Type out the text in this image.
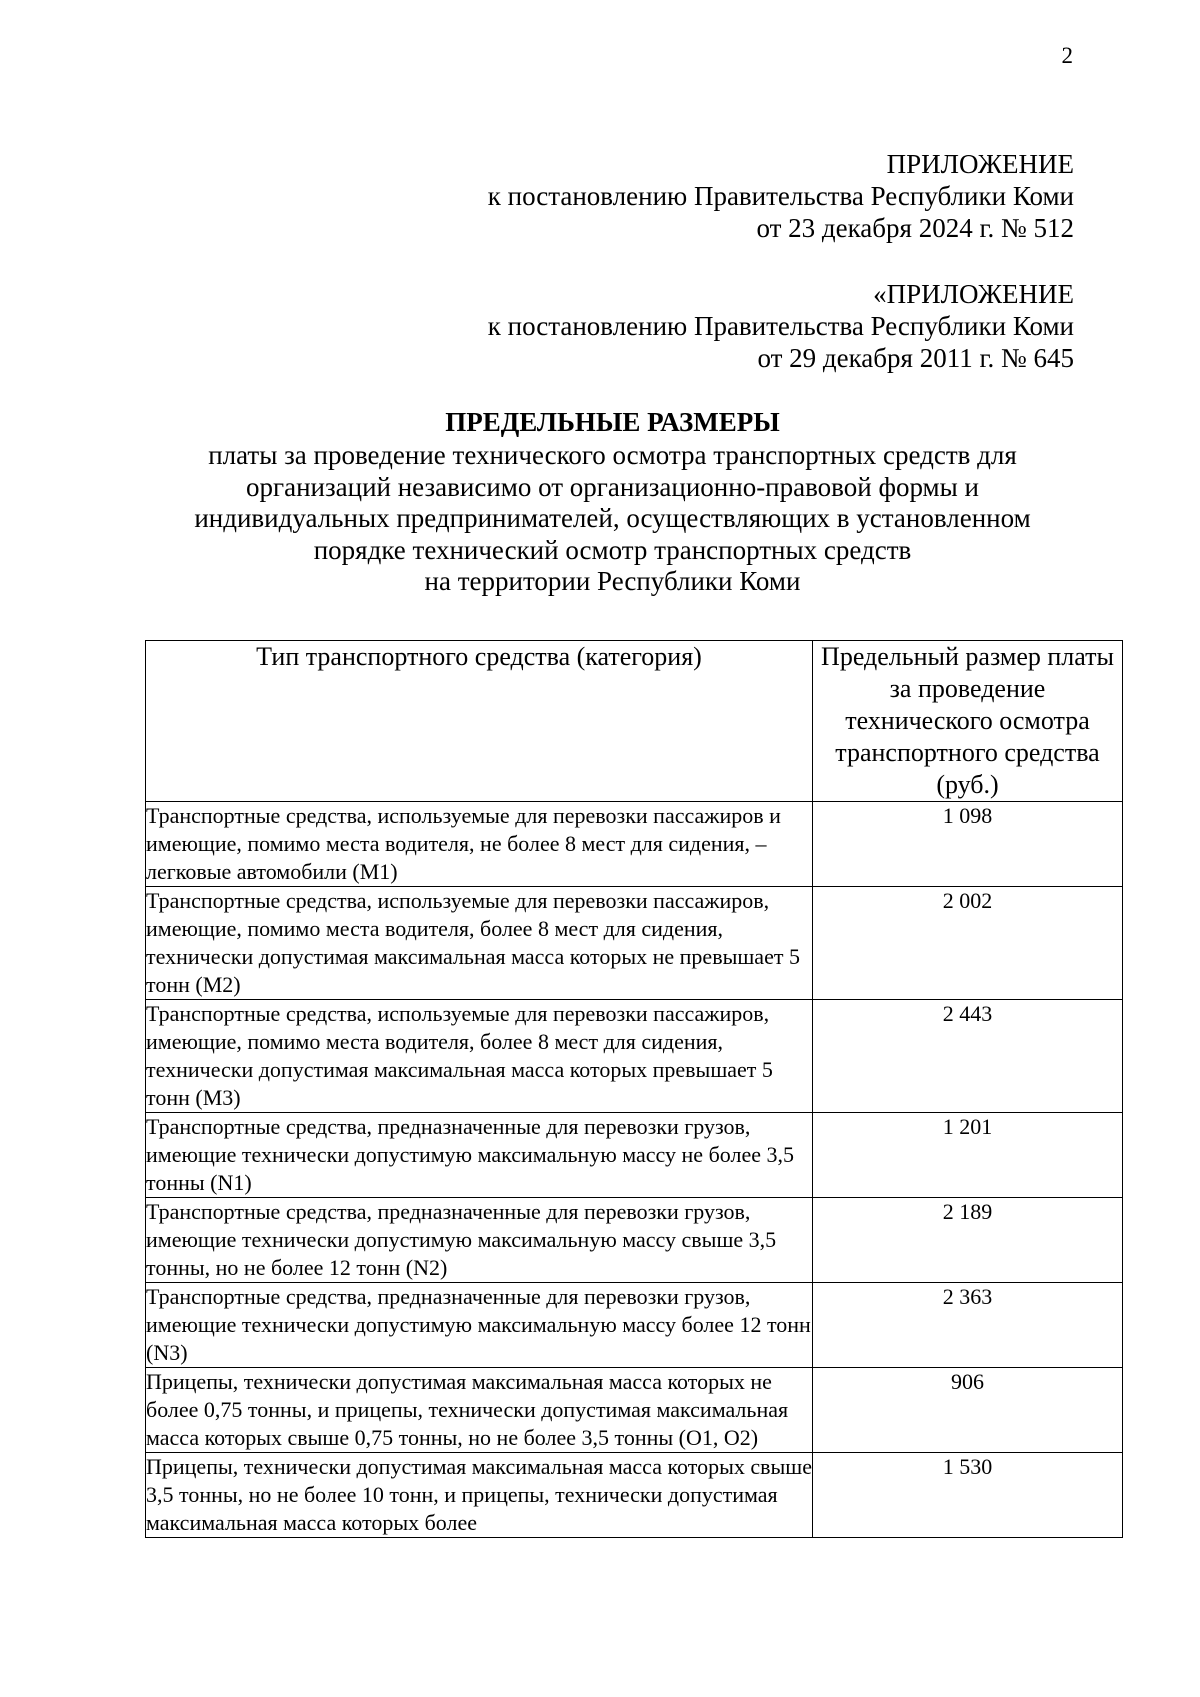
2
ПРИЛОЖЕНИЕ
к постановлению Правительства Республики Коми
от 23 декабря 2024 г. № 512
«ПРИЛОЖЕНИЕ
к постановлению Правительства Республики Коми
от 29 декабря 2011 г. № 645
ПРЕДЕЛЬНЫЕ РАЗМЕРЫ
платы за проведение технического осмотра транспортных средств для
организаций независимо от организационно-правовой формы и
индивидуальных предпринимателей, осуществляющих в установленном
порядке технический осмотр транспортных средств
на территории Республики Коми
Тип транспортного средства (категория)	Предельный размер платы за проведение технического осмотра транспортного средства (руб.)
Транспортные средства, используемые для перевозки пассажиров и имеющие, помимо места водителя, не более 8 мест для сидения, – легковые автомобили (М1)	1 098
Транспортные средства, используемые для перевозки пассажиров, имеющие, помимо места водителя, более 8 мест для сидения, технически допустимая максимальная масса которых не превышает 5 тонн (М2)	2 002
Транспортные средства, используемые для перевозки пассажиров, имеющие, помимо места водителя, более 8 мест для сидения, технически допустимая максимальная масса которых превышает 5 тонн (М3)	2 443
Транспортные средства, предназначенные для перевозки грузов, имеющие технически допустимую максимальную массу не более 3,5 тонны (N1)	1 201
Транспортные средства, предназначенные для перевозки грузов, имеющие технически допустимую максимальную массу свыше 3,5 тонны, но не более 12 тонн (N2)	2 189
Транспортные средства, предназначенные для перевозки грузов, имеющие технически допустимую максимальную массу более 12 тонн (N3)	2 363
Прицепы, технически допустимая максимальная масса которых не более 0,75 тонны, и прицепы, технически допустимая максимальная масса которых свыше 0,75 тонны, но не более 3,5 тонны (О1, О2)	906
Прицепы, технически допустимая максимальная масса которых свыше 3,5 тонны, но не более 10 тонн, и прицепы, технически допустимая максимальная масса которых более	1 530
